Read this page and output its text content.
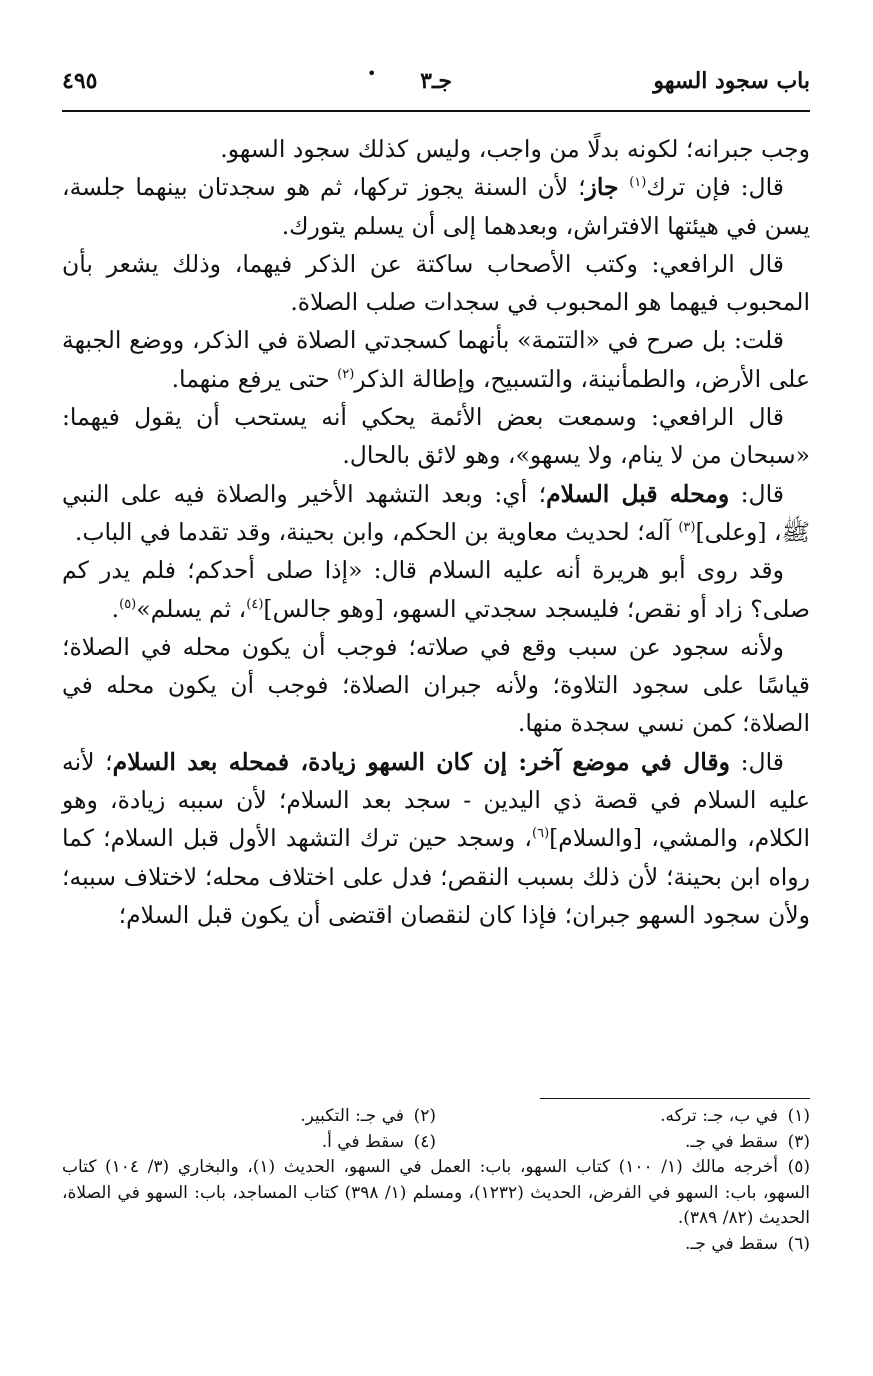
باب سجود السهو
جـ٣
•
٤٩٥

وجب جبرانه؛ لكونه بدلًا من واجب، وليس كذلك سجود السهو.

قال: فإن ترك$^{(١)}$ جاز؛ لأن السنة يجوز تركها، ثم هو سجدتان بينهما جلسة، يسن في هيئتها الافتراش، وبعدهما إلى أن يسلم يتورك.

قال الرافعي: وكتب الأصحاب ساكتة عن الذكر فيهما، وذلك يشعر بأن المحبوب فيهما هو المحبوب في سجدات صلب الصلاة.

قلت: بل صرح في «التتمة» بأنهما كسجدتي الصلاة في الذكر، ووضع الجبهة على الأرض، والطمأنينة، والتسبيح، وإطالة الذكر$^{(٢)}$ حتى يرفع منهما.

قال الرافعي: وسمعت بعض الأئمة يحكي أنه يستحب أن يقول فيهما: «سبحان من لا ينام، ولا يسهو»، وهو لائق بالحال.

قال: ومحله قبل السلام؛ أي: وبعد التشهد الأخير والصلاة فيه على النبي ﷺ، [وعلى]$^{(٣)}$ آله؛ لحديث معاوية بن الحكم، وابن بحينة، وقد تقدما في الباب.

وقد روى أبو هريرة أنه عليه السلام قال: «إذا صلى أحدكم؛ فلم يدر كم صلى؟ زاد أو نقص؛ فليسجد سجدتي السهو، [وهو جالس]$^{(٤)}$، ثم يسلم»$^{(٥)}$.

ولأنه سجود عن سبب وقع في صلاته؛ فوجب أن يكون محله في الصلاة؛ قياسًا على سجود التلاوة؛ ولأنه جبران الصلاة؛ فوجب أن يكون محله في الصلاة؛ كمن نسي سجدة منها.

قال: وقال في موضع آخر: إن كان السهو زيادة، فمحله بعد السلام؛ لأنه عليه السلام في قصة ذي اليدين - سجد بعد السلام؛ لأن سببه زيادة، وهو الكلام، والمشي، [والسلام]$^{(٦)}$، وسجد حين ترك التشهد الأول قبل السلام؛ كما رواه ابن بحينة؛ لأن ذلك بسبب النقص؛ فدل على اختلاف محله؛ لاختلاف سببه؛ ولأن سجود السهو جبران؛ فإذا كان لنقصان اقتضى أن يكون قبل السلام؛

(١)في ب، جـ: تركه.
(٢)في جـ: التكبير.
(٣)سقط في جـ.
(٤)سقط في أ.
(٥)أخرجه مالك (١/ ١٠٠) كتاب السهو، باب: العمل في السهو، الحديث (١)، والبخاري (٣/ ١٠٤) كتاب السهو، باب: السهو في الفرض، الحديث (١٢٣٢)، ومسلم (١/ ٣٩٨) كتاب المساجد، باب: السهو في الصلاة، الحديث (٨٢/ ٣٨٩).
(٦)سقط في جـ.
